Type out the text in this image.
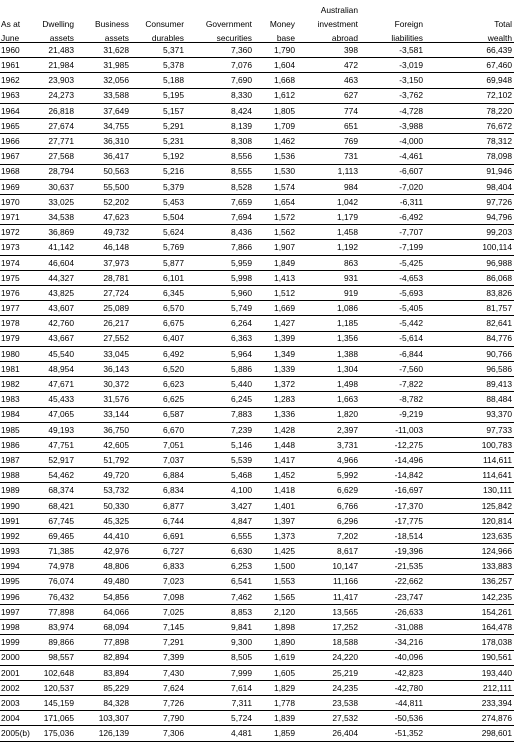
						Australian		
As at	Dwelling	Business	Consumer	Government	Money	investment	Foreign	Total
June	assets	assets	durables	securities	base	abroad	liabilities	wealth
1960	21,483	31,628	5,371	7,360	1,790	398	-3,581	66,439
1961	21,984	31,985	5,378	7,076	1,604	472	-3,019	67,460
1962	23,903	32,056	5,188	7,690	1,668	463	-3,150	69,948
1963	24,273	33,588	5,195	8,330	1,612	627	-3,762	72,102
1964	26,818	37,649	5,157	8,424	1,805	774	-4,728	78,220
1965	27,674	34,755	5,291	8,139	1,709	651	-3,988	76,672
1966	27,771	36,310	5,231	8,308	1,462	769	-4,000	78,312
1967	27,568	36,417	5,192	8,556	1,536	731	-4,461	78,098
1968	28,794	50,563	5,216	8,555	1,530	1,113	-6,607	91,946
1969	30,637	55,500	5,379	8,528	1,574	984	-7,020	98,404
1970	33,025	52,202	5,453	7,659	1,654	1,042	-6,311	97,726
1971	34,538	47,623	5,504	7,694	1,572	1,179	-6,492	94,796
1972	36,869	49,732	5,624	8,436	1,562	1,458	-7,707	99,203
1973	41,142	46,148	5,769	7,866	1,907	1,192	-7,199	100,114
1974	46,604	37,973	5,877	5,959	1,849	863	-5,425	96,988
1975	44,327	28,781	6,101	5,998	1,413	931	-4,653	86,068
1976	43,825	27,724	6,345	5,960	1,512	919	-5,693	83,826
1977	43,607	25,089	6,570	5,749	1,669	1,086	-5,405	81,757
1978	42,760	26,217	6,675	6,264	1,427	1,185	-5,442	82,641
1979	43,667	27,552	6,407	6,363	1,399	1,356	-5,614	84,776
1980	45,540	33,045	6,492	5,964	1,349	1,388	-6,844	90,766
1981	48,954	36,143	6,520	5,886	1,339	1,304	-7,560	96,586
1982	47,671	30,372	6,623	5,440	1,372	1,498	-7,822	89,413
1983	45,433	31,576	6,625	6,245	1,283	1,663	-8,782	88,484
1984	47,065	33,144	6,587	7,883	1,336	1,820	-9,219	93,370
1985	49,193	36,750	6,670	7,239	1,428	2,397	-11,003	97,733
1986	47,751	42,605	7,051	5,146	1,448	3,731	-12,275	100,783
1987	52,917	51,792	7,037	5,539	1,417	4,966	-14,496	114,611
1988	54,462	49,720	6,884	5,468	1,452	5,992	-14,842	114,641
1989	68,374	53,732	6,834	4,100	1,418	6,629	-16,697	130,111
1990	68,421	50,330	6,877	3,427	1,401	6,766	-17,370	125,842
1991	67,745	45,325	6,744	4,847	1,397	6,296	-17,775	120,814
1992	69,465	44,410	6,691	6,555	1,373	7,202	-18,514	123,635
1993	71,385	42,976	6,727	6,630	1,425	8,617	-19,396	124,966
1994	74,978	48,806	6,833	6,253	1,500	10,147	-21,535	133,883
1995	76,074	49,480	7,023	6,541	1,553	11,166	-22,662	136,257
1996	76,432	54,856	7,098	7,462	1,565	11,417	-23,747	142,235
1997	77,898	64,066	7,025	8,853	2,120	13,565	-26,633	154,261
1998	83,974	68,094	7,145	9,841	1,898	17,252	-31,088	164,478
1999	89,866	77,898	7,291	9,300	1,890	18,588	-34,216	178,038
2000	98,557	82,894	7,399	8,505	1,619	24,220	-40,096	190,561
2001	102,648	83,894	7,430	7,999	1,605	25,219	-42,823	193,440
2002	120,537	85,229	7,624	7,614	1,829	24,235	-42,780	212,111
2003	145,159	84,328	7,726	7,311	1,778	23,538	-44,811	233,394
2004	171,065	103,307	7,790	5,724	1,839	27,532	-50,536	274,876
2005(b)	175,036	126,139	7,306	4,481	1,859	26,404	-51,352	298,601
